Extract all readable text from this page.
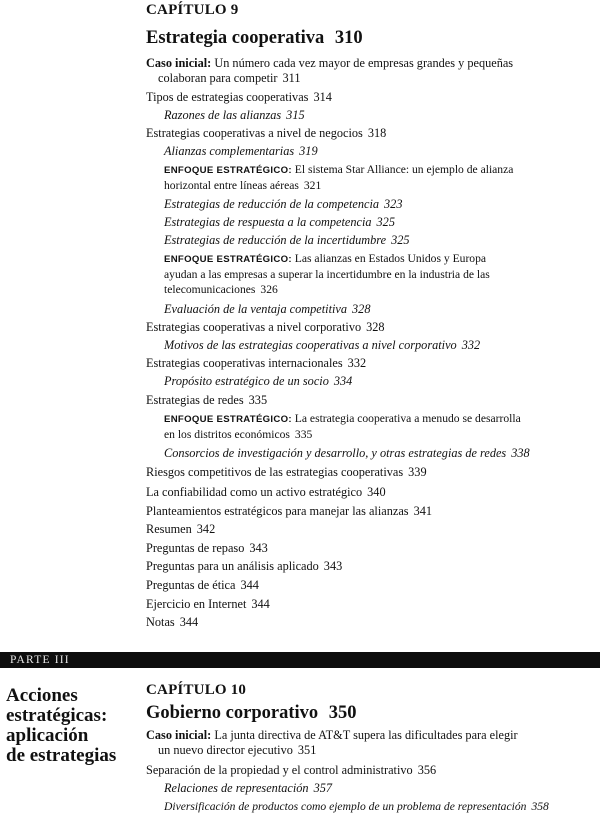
CAPÍTULO 9
Estrategia cooperativa 310
Caso inicial: Un número cada vez mayor de empresas grandes y pequeñas
colaboran para competir 311
Tipos de estrategias cooperativas 314
Razones de las alianzas 315
Estrategias cooperativas a nivel de negocios 318
Alianzas complementarias 319
ENFOQUE ESTRATÉGICO: El sistema Star Alliance: un ejemplo de alianza
horizontal entre líneas aéreas 321
Estrategias de reducción de la competencia 323
Estrategias de respuesta a la competencia 325
Estrategias de reducción de la incertidumbre 325
ENFOQUE ESTRATÉGICO: Las alianzas en Estados Unidos y Europa
ayudan a las empresas a superar la incertidumbre en la industria de las
telecomunicaciones 326
Evaluación de la ventaja competitiva 328
Estrategias cooperativas a nivel corporativo 328
Motivos de las estrategias cooperativas a nivel corporativo 332
Estrategias cooperativas internacionales 332
Propósito estratégico de un socio 334
Estrategias de redes 335
ENFOQUE ESTRATÉGICO: La estrategia cooperativa a menudo se desarrolla
en los distritos económicos 335
Consorcios de investigación y desarrollo, y otras estrategias de redes 338
Riesgos competitivos de las estrategias cooperativas 339
La confiabilidad como un activo estratégico 340
Planteamientos estratégicos para manejar las alianzas 341
Resumen 342
Preguntas de repaso 343
Preguntas para un análisis aplicado 343
Preguntas de ética 344
Ejercicio en Internet 344
Notas 344
PARTE III
Acciones
estratégicas:
aplicación
de estrategias
CAPÍTULO 10
Gobierno corporativo 350
Caso inicial: La junta directiva de AT&T supera las dificultades para elegir
un nuevo director ejecutivo 351
Separación de la propiedad y el control administrativo 356
Relaciones de representación 357
Diversificación de productos como ejemplo de un problema de representación 358
